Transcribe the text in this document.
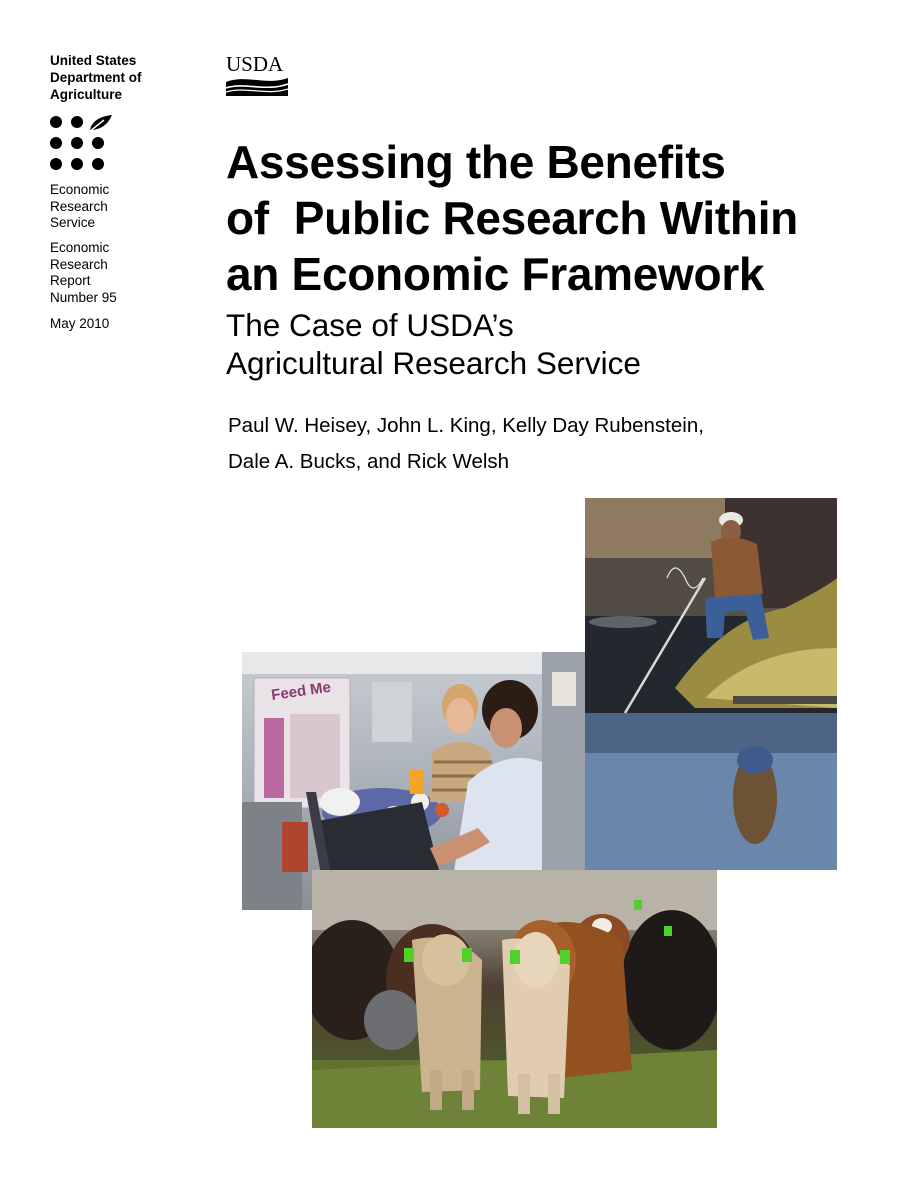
United States
Department of
Agriculture
Economic
Research
Service
Economic
Research
Report
Number 95
May 2010
USDA
Assessing the Benefits
of  Public Research Within
an Economic Framework
The Case of USDA’s
Agricultural Research Service
Paul W. Heisey, John L. King, Kelly Day Rubenstein,
Dale A. Bucks, and Rick Welsh
Feed Me
